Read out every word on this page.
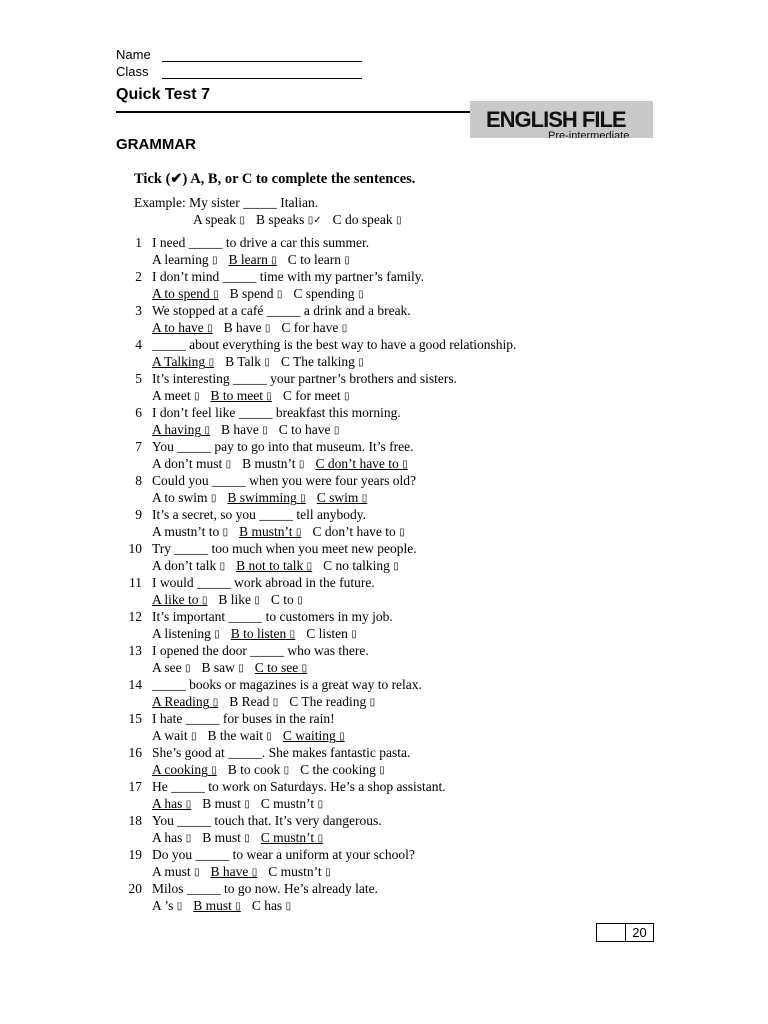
Name
Class
Quick Test 7
ENGLISH FILE
Pre-intermediate
GRAMMAR
Tick (✔) A, B, or C to complete the sentences.
Example: My sister _____ Italian.
A speak ▯ B speaks ▯✓ C do speak ▯
1 I need _____ to drive a car this summer.
A learning ▯ B learn ▯ C to learn ▯
2 I don’t mind _____ time with my partner’s family.
A to spend ▯ B spend ▯ C spending ▯
3 We stopped at a café _____ a drink and a break.
A to have ▯ B have ▯ C for have ▯
4 _____ about everything is the best way to have a good relationship.
A Talking ▯ B Talk ▯ C The talking ▯
5 It’s interesting _____ your partner’s brothers and sisters.
A meet ▯ B to meet ▯ C for meet ▯
6 I don’t feel like _____ breakfast this morning.
A having ▯ B have ▯ C to have ▯
7 You _____ pay to go into that museum. It’s free.
A don’t must ▯ B mustn’t ▯ C don’t have to ▯
8 Could you _____ when you were four years old?
A to swim ▯ B swimming ▯ C swim ▯
9 It’s a secret, so you _____ tell anybody.
A mustn’t to ▯ B mustn’t ▯ C don’t have to ▯
10 Try _____ too much when you meet new people.
A don’t talk ▯ B not to talk ▯ C no talking ▯
11 I would _____ work abroad in the future.
A like to ▯ B like ▯ C to ▯
12 It’s important _____ to customers in my job.
A listening ▯ B to listen ▯ C listen ▯
13 I opened the door _____ who was there.
A see ▯ B saw ▯ C to see ▯
14 _____ books or magazines is a great way to relax.
A Reading ▯ B Read ▯ C The reading ▯
15 I hate _____ for buses in the rain!
A wait ▯ B the wait ▯ C waiting ▯
16 She’s good at _____. She makes fantastic pasta.
A cooking ▯ B to cook ▯ C the cooking ▯
17 He _____ to work on Saturdays. He’s a shop assistant.
A has ▯ B must ▯ C mustn’t ▯
18 You _____ touch that. It’s very dangerous.
A has ▯ B must ▯ C mustn’t ▯
19 Do you _____ to wear a uniform at your school?
A must ▯ B have ▯ C mustn’t ▯
20 Milos _____ to go now. He’s already late.
A ’s ▯ B must ▯ C has ▯
20
